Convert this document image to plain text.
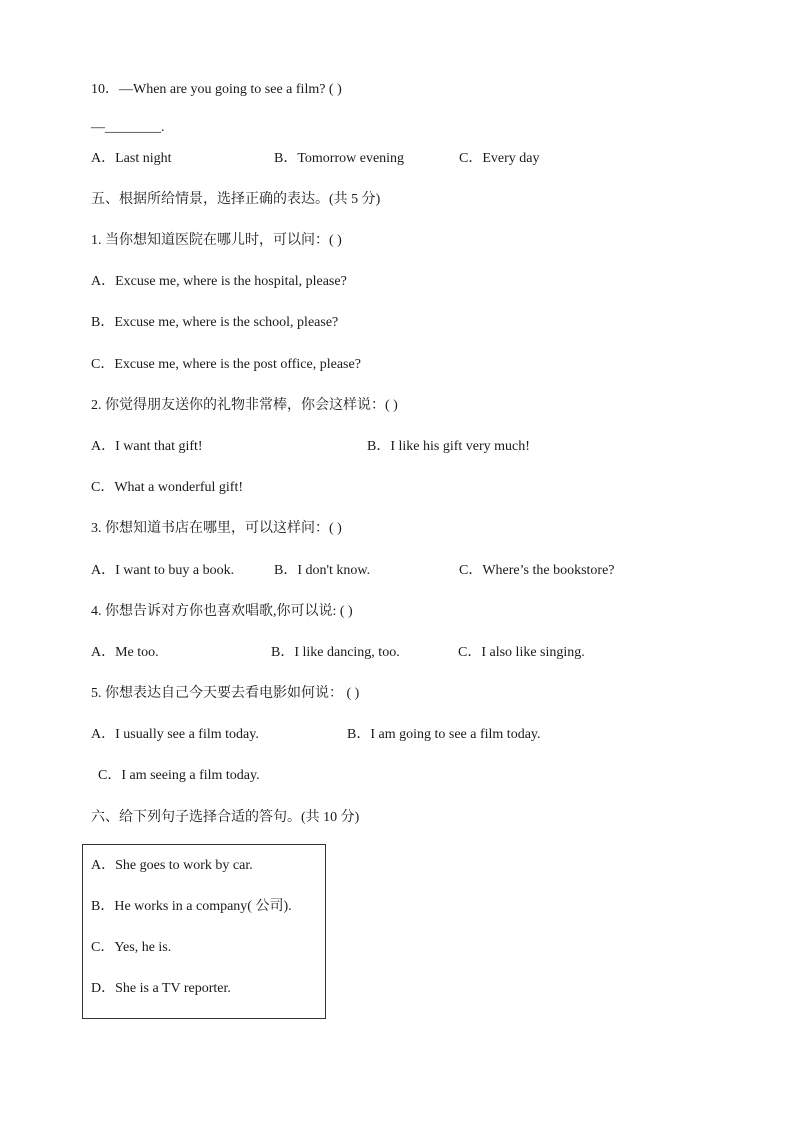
10．—When are you going to see a film? ( )
—________.
A．Last night	B．Tomorrow evening	C．Every day
五、根据所给情景，选择正确的表达。(共 5 分)
1. 当你想知道医院在哪儿时，可以问：( )
A．Excuse me, where is the hospital, please?
B．Excuse me, where is the school, please?
C．Excuse me, where is the post office, please?
2. 你觉得朋友送你的礼物非常棒，你会这样说：( )
A．I want that gift!	B．I like his gift very much!
C．What a wonderful gift!
3. 你想知道书店在哪里，可以这样问：( )
A．I want to buy a book.	B．I don't know.	C．Where’s the bookstore?
4. 你想告诉对方你也喜欢唱歌,你可以说: ( )
A．Me too.	B．I like dancing, too.	C．I also like singing.
5. 你想表达自己今天要去看电影如何说： ( )
A．I usually see a film today.	B．I am going to see a film today.
C．I am seeing a film today.
六、给下列句子选择合适的答句。(共 10 分)
A．She goes to work by car.
B．He works in a company( 公司).
C．Yes, he is.
D．She is a TV reporter.
